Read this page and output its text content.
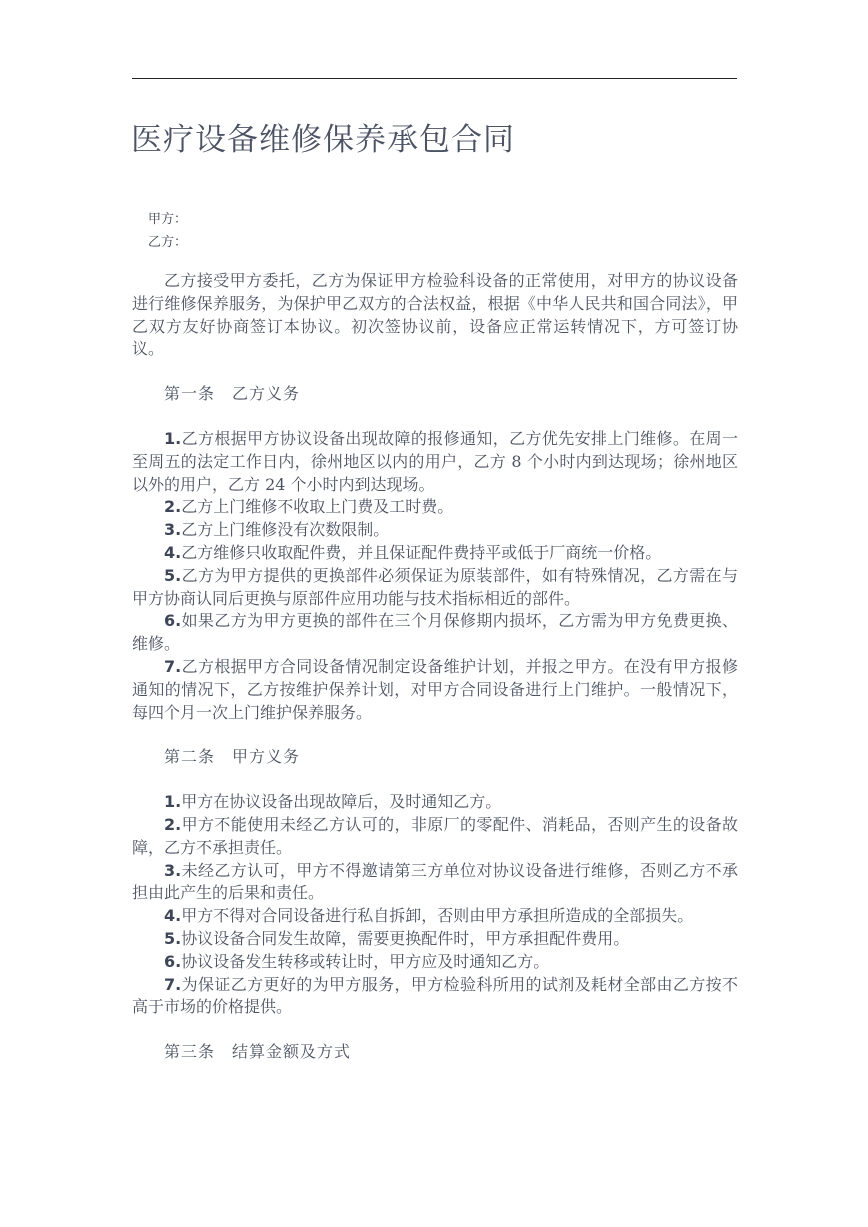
医疗设备维修保养承包合同
甲方：
乙方：

乙方接受甲方委托，乙方为保证甲方检验科设备的正常使用，对甲方的协议设备进行维修保养服务，为保护甲乙双方的合法权益，根据《中华人民共和国合同法》，甲乙双方友好协商签订本协议。初次签协议前，设备应正常运转情况下，方可签订协议。

第一条　乙方义务

1.乙方根据甲方协议设备出现故障的报修通知，乙方优先安排上门维修。在周一至周五的法定工作日内，徐州地区以内的用户，乙方 8 个小时内到达现场；徐州地区以外的用户，乙方 24 个小时内到达现场。

2.乙方上门维修不收取上门费及工时费。

3.乙方上门维修没有次数限制。

4.乙方维修只收取配件费，并且保证配件费持平或低于厂商统一价格。

5.乙方为甲方提供的更换部件必须保证为原装部件，如有特殊情况，乙方需在与甲方协商认同后更换与原部件应用功能与技术指标相近的部件。

6.如果乙方为甲方更换的部件在三个月保修期内损坏，乙方需为甲方免费更换、维修。

7.乙方根据甲方合同设备情况制定设备维护计划，并报之甲方。在没有甲方报修通知的情况下，乙方按维护保养计划，对甲方合同设备进行上门维护。一般情况下，每四个月一次上门维护保养服务。

第二条　甲方义务

1.甲方在协议设备出现故障后，及时通知乙方。

2.甲方不能使用未经乙方认可的，非原厂的零配件、消耗品，否则产生的设备故障，乙方不承担责任。

3.未经乙方认可，甲方不得邀请第三方单位对协议设备进行维修，否则乙方不承担由此产生的后果和责任。

4.甲方不得对合同设备进行私自拆卸，否则由甲方承担所造成的全部损失。

5.协议设备合同发生故障，需要更换配件时，甲方承担配件费用。

6.协议设备发生转移或转让时，甲方应及时通知乙方。

7.为保证乙方更好的为甲方服务，甲方检验科所用的试剂及耗材全部由乙方按不高于市场的价格提供。

第三条　结算金额及方式
